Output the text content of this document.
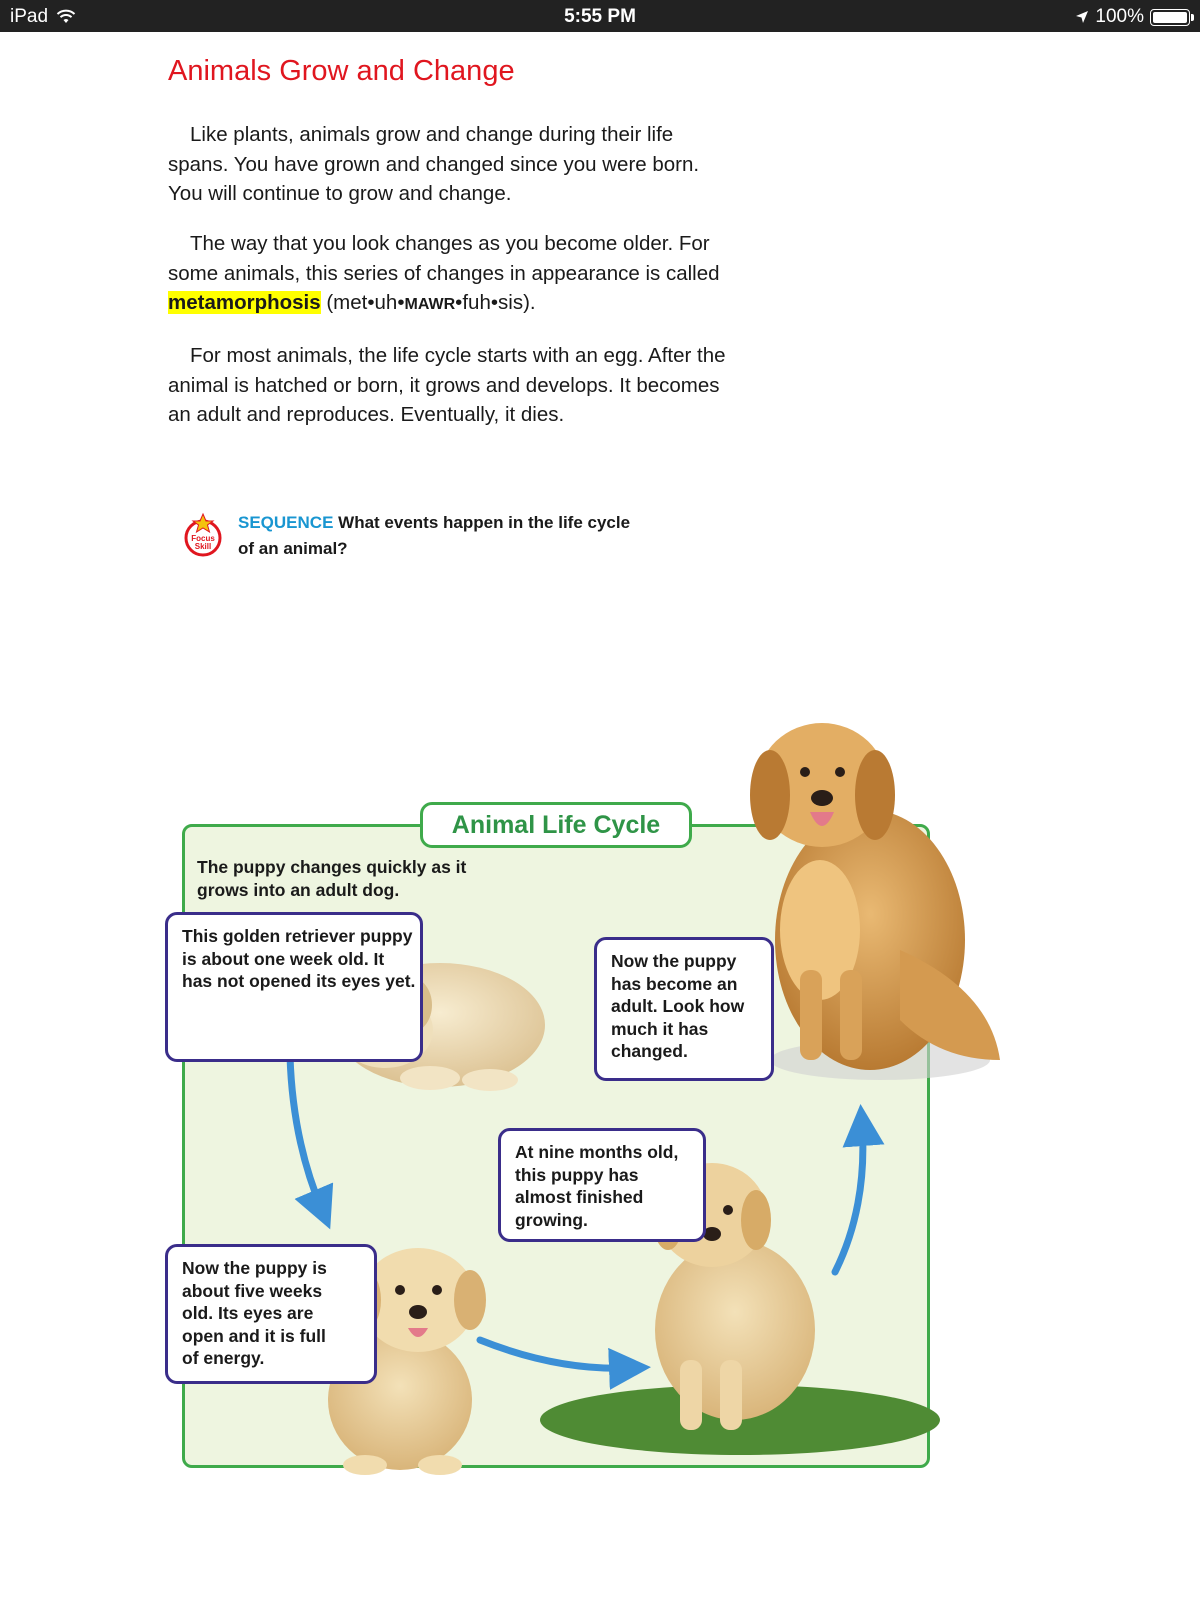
iPad	5:55 PM	100%
Animals Grow and Change

Like plants, animals grow and change during their life spans. You have grown and changed since you were born. You will continue to grow and change.

The way that you look changes as you become older. For some animals, this series of changes in appearance is called metamorphosis (met•uh•MAWR•fuh•sis).

For most animals, the life cycle starts with an egg. After the animal is hatched or born, it grows and develops. It becomes an adult and reproduces. Eventually, it dies.

Focus
Skill
SEQUENCE What events happen in the life cycle of an animal?
Animal Life Cycle
The puppy changes quickly as it grows into an adult dog.
This golden retriever puppy is about one week old. It has not opened its eyes yet.
Now the puppy has become an adult. Look how much it has changed.
At nine months old, this puppy has almost finished growing.
Now the puppy is about five weeks old. Its eyes are open and it is full of energy.
